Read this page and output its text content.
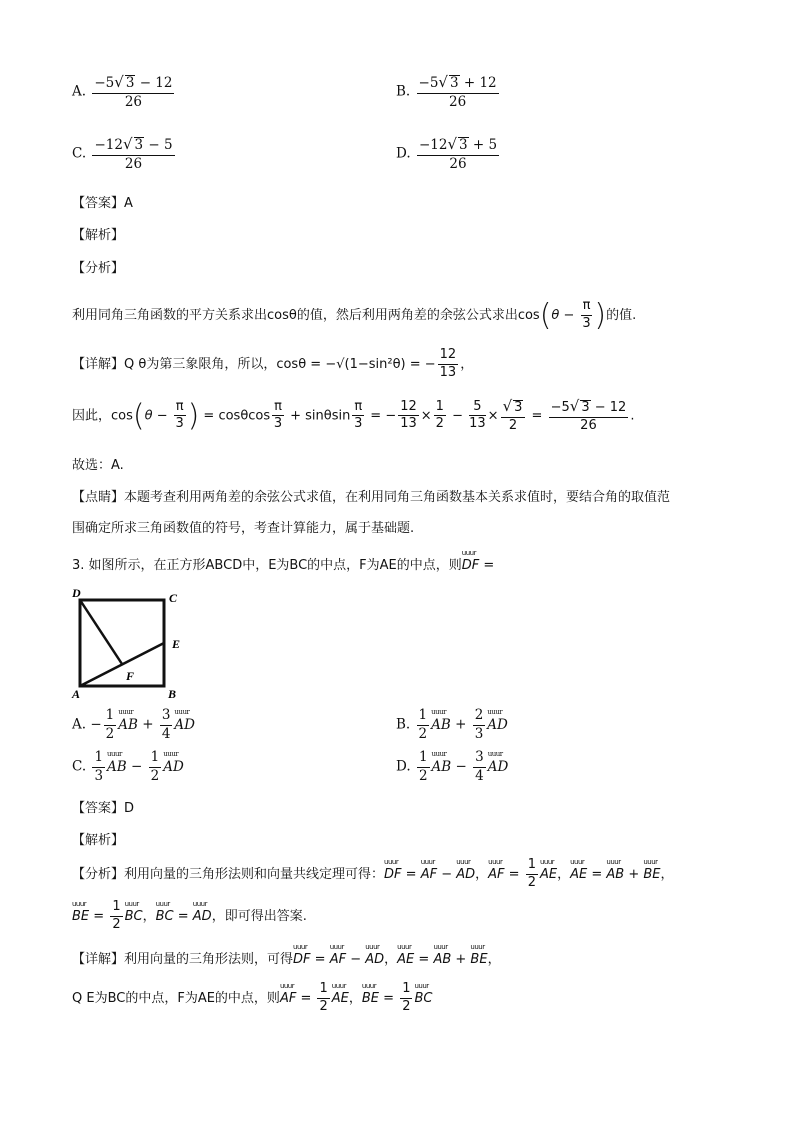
A. $\frac{-5√ 3 - 12}{26}$	B. $\frac{-5√ 3 + 12}{26}$
C. $\frac{-12√ 3 - 5}{26}$	D. $\frac{-12√ 3 + 5}{26}$
【答案】A
【解析】
【分析】
利用同角三角函数的平方关系求出cosθ的值，然后利用两角差的余弦公式求出$\cos(\theta - \frac{\pi}{3}$ )的值.
【详解】Q θ为第三象限角，所以，cosθ = −√(1−sin²θ) = − $\frac{12}{13}$ ，
因此，$\cos(\theta - \frac{\pi}{3}$ ) = cosθcos $\frac{\pi}{3} + \sin\theta\sin \frac{\pi}{3}$ = − $\frac{12}{13} \times \frac{1}{2} - \frac{5}{13} \times \frac{√ 3}{2} = \frac{-5√ 3 - 12}{26}$ .
故选：A.
【点睛】本题考查利用两角差的余弦公式求值，在利用同角三角函数基本关系求值时，要结合角的取值范
围确定所求三角函数值的符号，考查计算能力，属于基础题.
3. 如图所示，在正方形ABCD中，E为BC的中点，F为AE的中点，则uuur DF =
D	C
E
F
A	B
A. − $\frac{1}{2}$ uuur AB + $\frac{3}{4}$ uuur AD	B. $\frac{1}{2}$ uuur AB + $\frac{2}{3}$ uuur AD
C. $\frac{1}{3}$ uuur AB − $\frac{1}{2}$ uuur AD	D. $\frac{1}{2}$ uuur AB − $\frac{3}{4}$ uuur AD
【答案】D
【解析】
【分析】利用向量的三角形法则和向量共线定理可得：uuur DF = uuur AF − uuur AD，uuur AF = $\frac{1}{2}$ uuur AE，uuur AE = uuur AB + uuur BE，
uuur BE = $\frac{1}{2}$ uuur BC，uuur BC = uuur AD，即可得出答案.
【详解】利用向量的三角形法则，可得uuur DF = uuur AF − uuur AD，uuur AE = uuur AB + uuur BE，
Q E为BC的中点，F为AE的中点，则uuur AF = $\frac{1}{2}$ uuur AE，uuur BE = $\frac{1}{2}$ uuur BC
